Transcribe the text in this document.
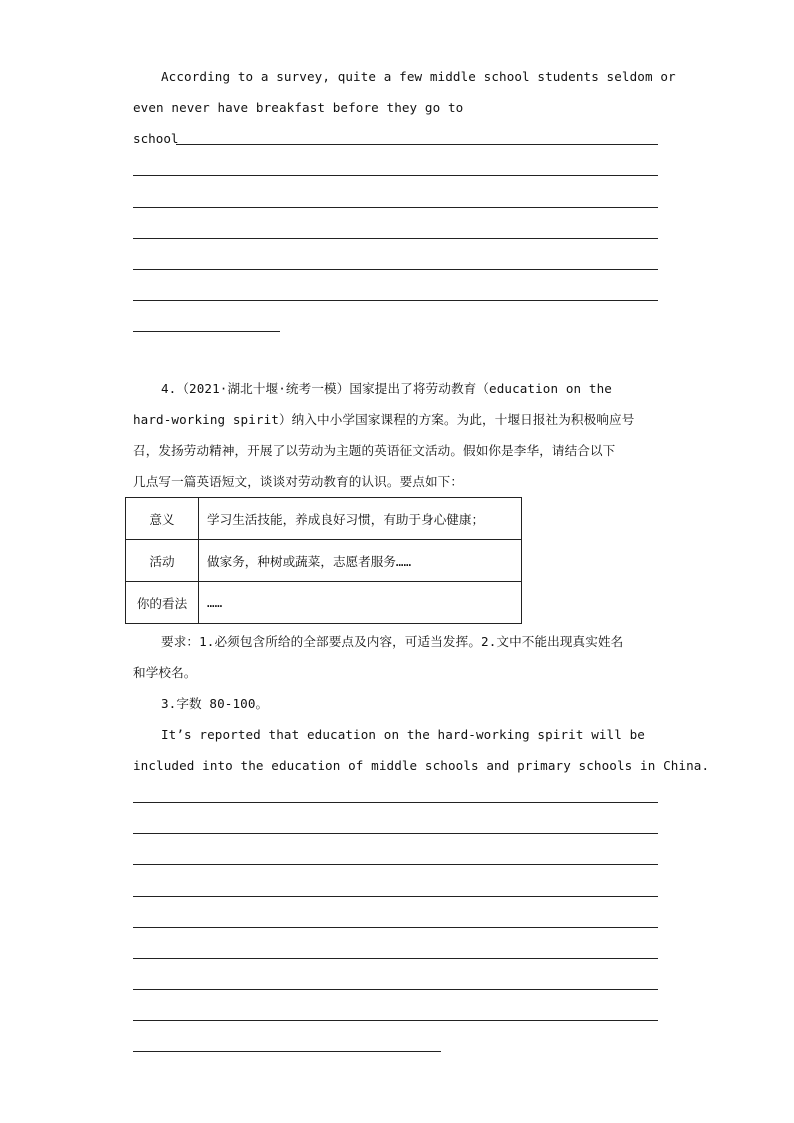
According to a survey, quite a few middle school students seldom or
even never have breakfast before they go to
school
4.（2021·湖北十堰·统考一模）国家提出了将劳动教育（education on the
hard-working spirit）纳入中小学国家课程的方案。为此，十堰日报社为积极响应号
召，发扬劳动精神，开展了以劳动为主题的英语征文活动。假如你是李华，请结合以下
几点写一篇英语短文，谈谈对劳动教育的认识。要点如下：
意义	学习生活技能，养成良好习惯，有助于身心健康；
活动	做家务，种树或蔬菜，志愿者服务……
你的看法	……
要求：1.必须包含所给的全部要点及内容，可适当发挥。2.文中不能出现真实姓名
和学校名。
3.字数 80-100。
It’s reported that education on the hard-working spirit will be
included into the education of middle schools and primary schools in China.
